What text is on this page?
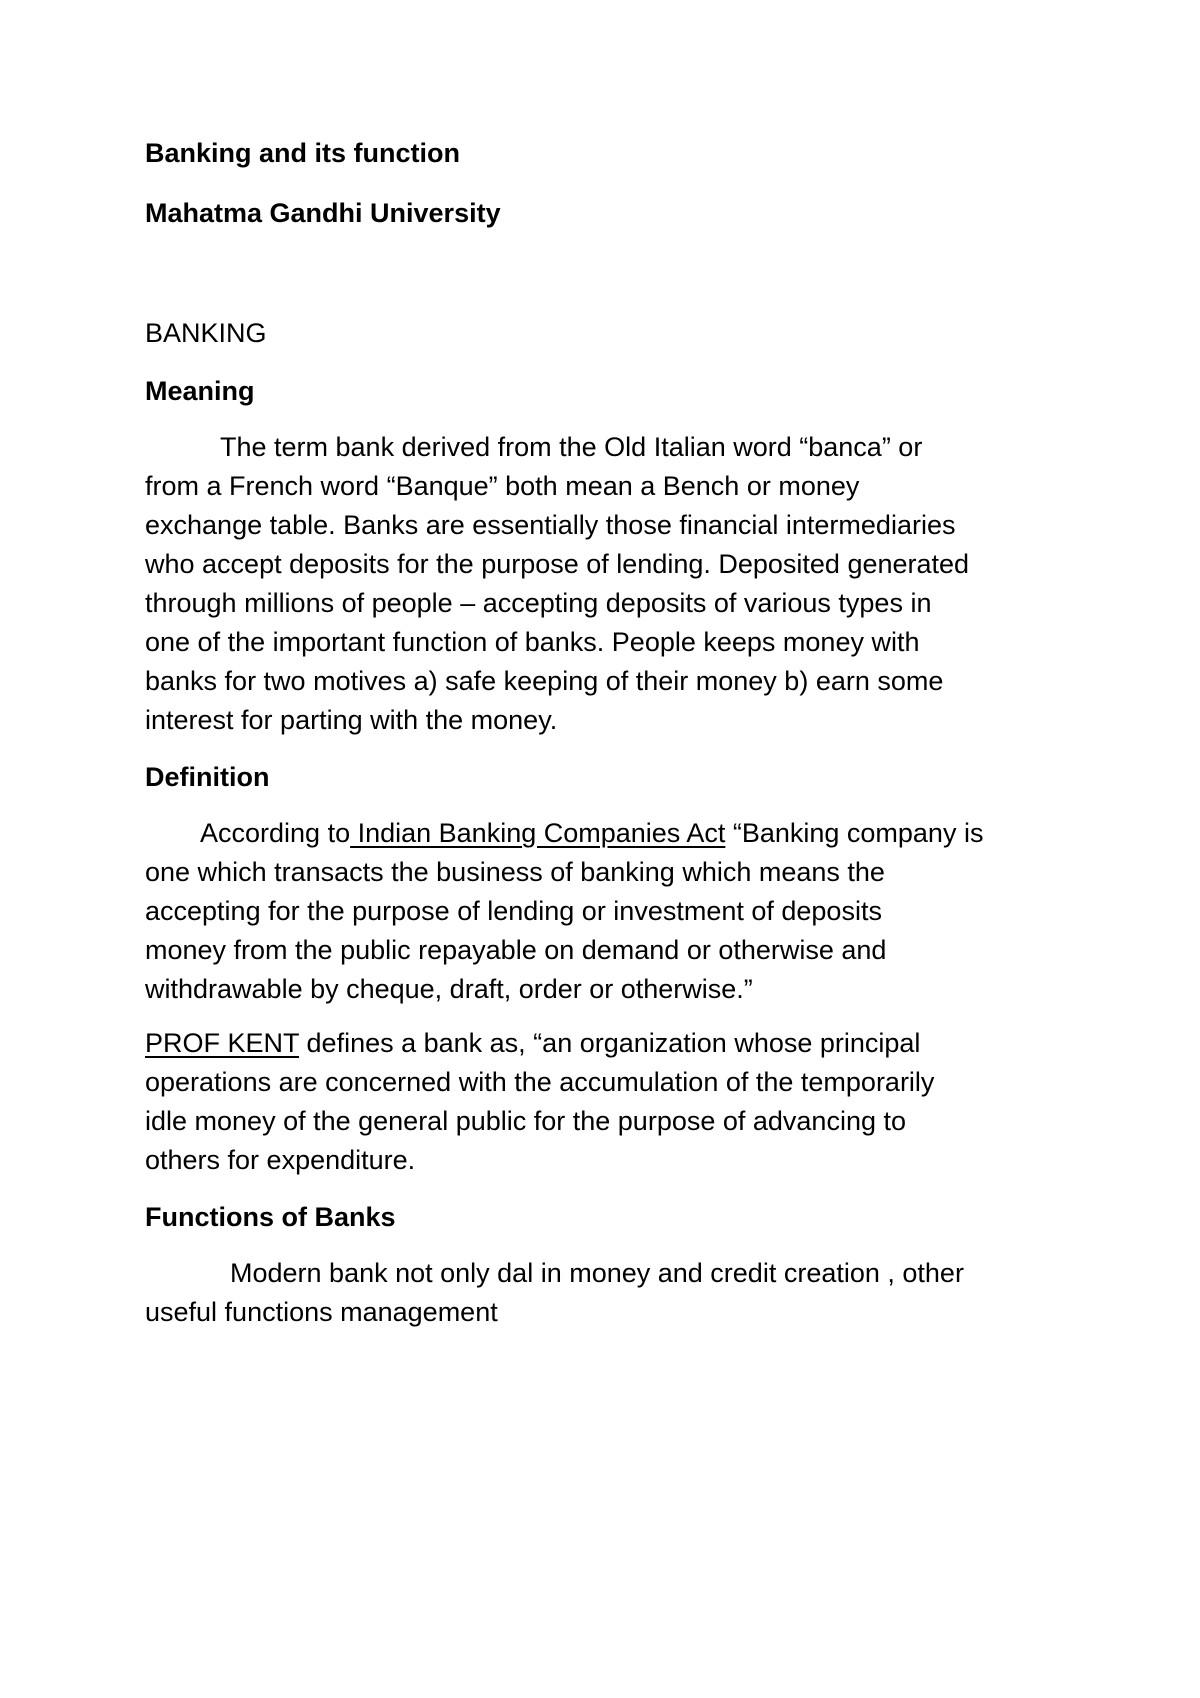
Banking and its function

Mahatma Gandhi University

BANKING

Meaning

The term bank derived from the Old Italian word “banca” or

from a French word “Banque” both mean a Bench or money

exchange table. Banks are essentially those financial intermediaries

who accept deposits for the purpose of lending. Deposited generated

through millions of people – accepting deposits of various types in

one of the important function of banks. People keeps money with

banks for two motives a) safe keeping of their money b) earn some

interest for parting with the money.

Definition

According to Indian Banking Companies Act “Banking company is

one which transacts the business of banking which means the

accepting for the purpose of lending or investment of deposits

money from the public repayable on demand or otherwise and

withdrawable by cheque, draft, order or otherwise.”

PROF KENT defines a bank as, “an organization whose principal

operations are concerned with the accumulation of the temporarily

idle money of the general public for the purpose of advancing to

others for expenditure.

Functions of Banks

Modern bank not only dal in money and credit creation , other

useful functions management
